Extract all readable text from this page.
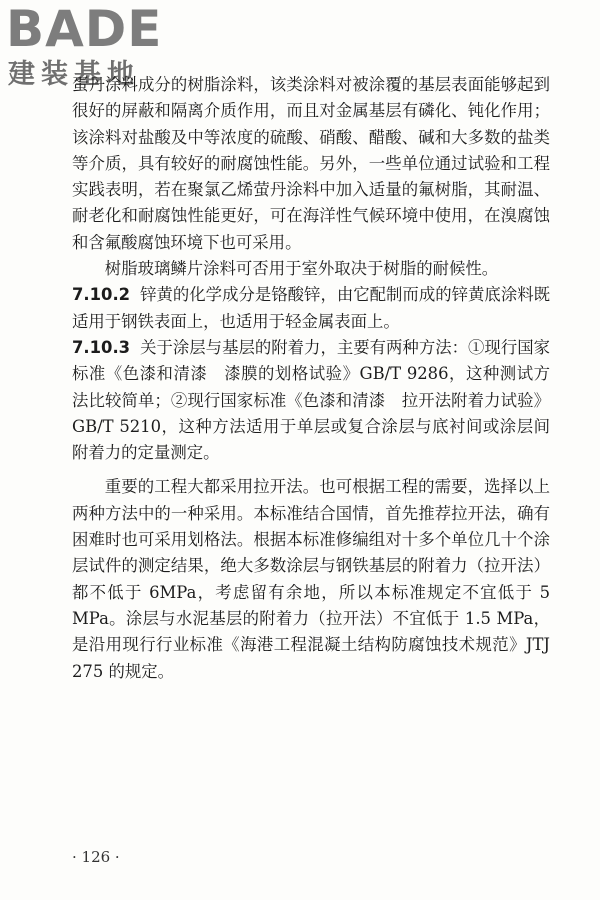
BADE
建装基地

蛋丹涂料成分的树脂涂料，该类涂料对被涂覆的基层表面能够起到很好的屏蔽和隔离介质作用，而且对金属基层有磷化、钝化作用；该涂料对盐酸及中等浓度的硫酸、硝酸、醋酸、碱和大多数的盐类等介质，具有较好的耐腐蚀性能。另外，一些单位通过试验和工程实践表明，若在聚氯乙烯萤丹涂料中加入适量的氟树脂，其耐温、耐老化和耐腐蚀性能更好，可在海洋性气候环境中使用，在溴腐蚀和含氟酸腐蚀环境下也可采用。

树脂玻璃鳞片涂料可否用于室外取决于树脂的耐候性。

7.10.2 锌黄的化学成分是铬酸锌，由它配制而成的锌黄底涂料既适用于钢铁表面上，也适用于轻金属表面上。

7.10.3 关于涂层与基层的附着力，主要有两种方法：①现行国家标准《色漆和清漆　漆膜的划格试验》GB/T 9286，这种测试方法比较简单；②现行国家标准《色漆和清漆　拉开法附着力试验》GB/T 5210，这种方法适用于单层或复合涂层与底衬间或涂层间附着力的定量测定。

重要的工程大都采用拉开法。也可根据工程的需要，选择以上两种方法中的一种采用。本标准结合国情，首先推荐拉开法，确有困难时也可采用划格法。根据本标准修编组对十多个单位几十个涂层试件的测定结果，绝大多数涂层与钢铁基层的附着力（拉开法）都不低于 6MPa，考虑留有余地，所以本标准规定不宜低于 5 MPa。涂层与水泥基层的附着力（拉开法）不宜低于 1.5 MPa，是沿用现行行业标准《海港工程混凝土结构防腐蚀技术规范》JTJ 275 的规定。

· 126 ·
